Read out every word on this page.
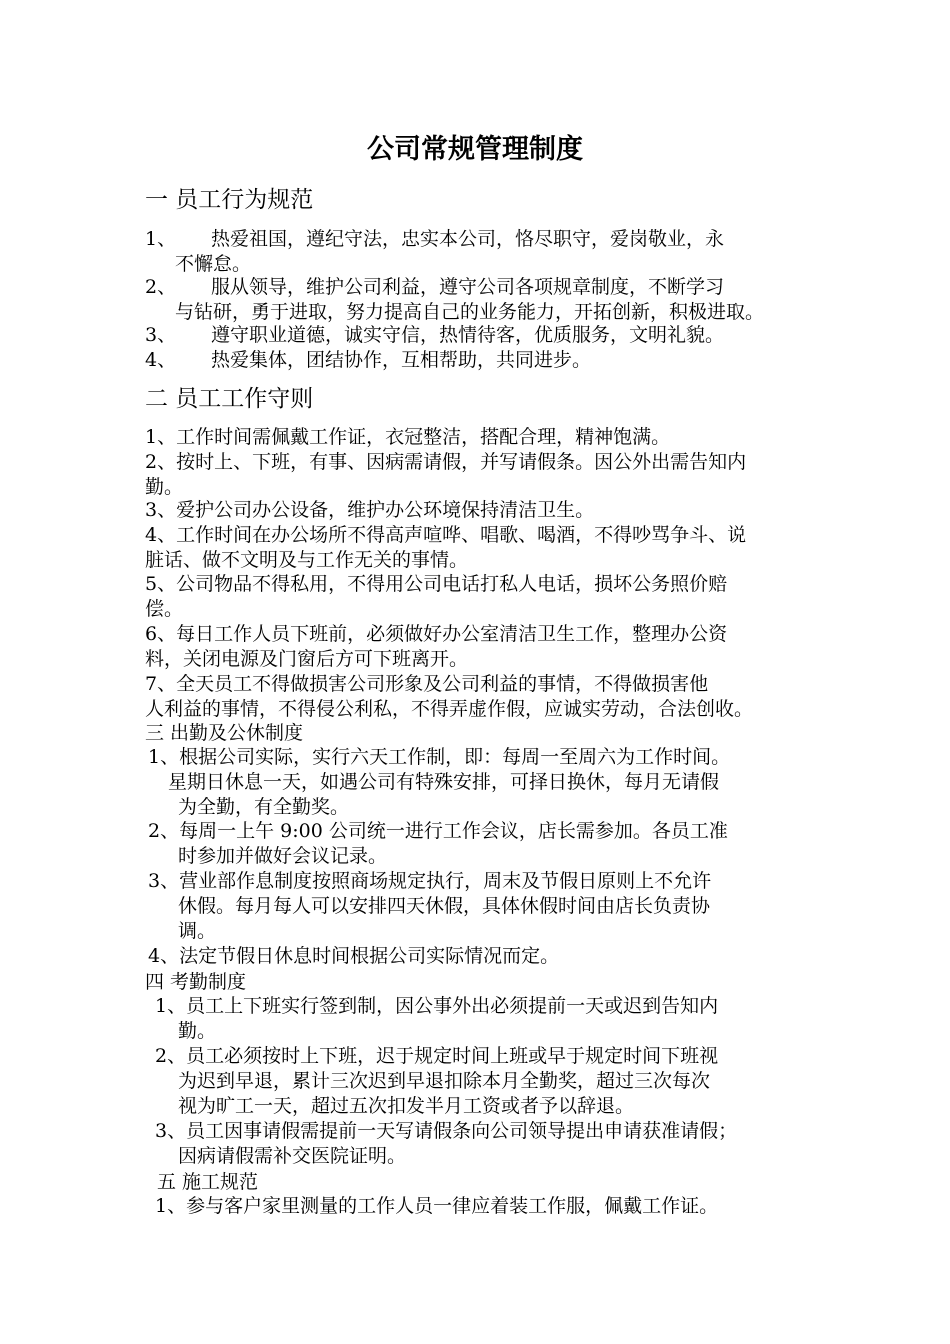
公司常规管理制度
一 员工行为规范
1、 热爱祖国，遵纪守法，忠实本公司，恪尽职守，爱岗敬业，永
不懈怠。
2、 服从领导，维护公司利益，遵守公司各项规章制度，不断学习
与钻研，勇于进取，努力提高自己的业务能力，开拓创新，积极进取。
3、 遵守职业道德，诚实守信，热情待客，优质服务，文明礼貌。
4、 热爱集体，团结协作，互相帮助，共同进步。
二 员工工作守则
1、工作时间需佩戴工作证，衣冠整洁，搭配合理，精神饱满。
2、按时上、下班，有事、因病需请假，并写请假条。因公外出需告知内
勤。
3、爱护公司办公设备，维护办公环境保持清洁卫生。
4、工作时间在办公场所不得高声喧哗、唱歌、喝酒，不得吵骂争斗、说
脏话、做不文明及与工作无关的事情。
5、公司物品不得私用，不得用公司电话打私人电话，损坏公务照价赔
偿。
6、每日工作人员下班前，必须做好办公室清洁卫生工作，整理办公资
料，关闭电源及门窗后方可下班离开。
7、全天员工不得做损害公司形象及公司利益的事情，不得做损害他
人利益的事情，不得侵公利私，不得弄虚作假，应诚实劳动，合法创收。
三 出勤及公休制度
1、根据公司实际，实行六天工作制，即：每周一至周六为工作时间。
星期日休息一天，如遇公司有特殊安排，可择日换休，每月无请假
为全勤，有全勤奖。
2、每周一上午 9:00 公司统一进行工作会议，店长需参加。各员工准
时参加并做好会议记录。
3、营业部作息制度按照商场规定执行，周末及节假日原则上不允许
休假。每月每人可以安排四天休假，具体休假时间由店长负责协
调。
4、法定节假日休息时间根据公司实际情况而定。
四 考勤制度
1、员工上下班实行签到制，因公事外出必须提前一天或迟到告知内
勤。
2、员工必须按时上下班，迟于规定时间上班或早于规定时间下班视
为迟到早退，累计三次迟到早退扣除本月全勤奖，超过三次每次
视为旷工一天，超过五次扣发半月工资或者予以辞退。
3、员工因事请假需提前一天写请假条向公司领导提出申请获准请假；
因病请假需补交医院证明。
五 施工规范
1、参与客户家里测量的工作人员一律应着装工作服，佩戴工作证。
